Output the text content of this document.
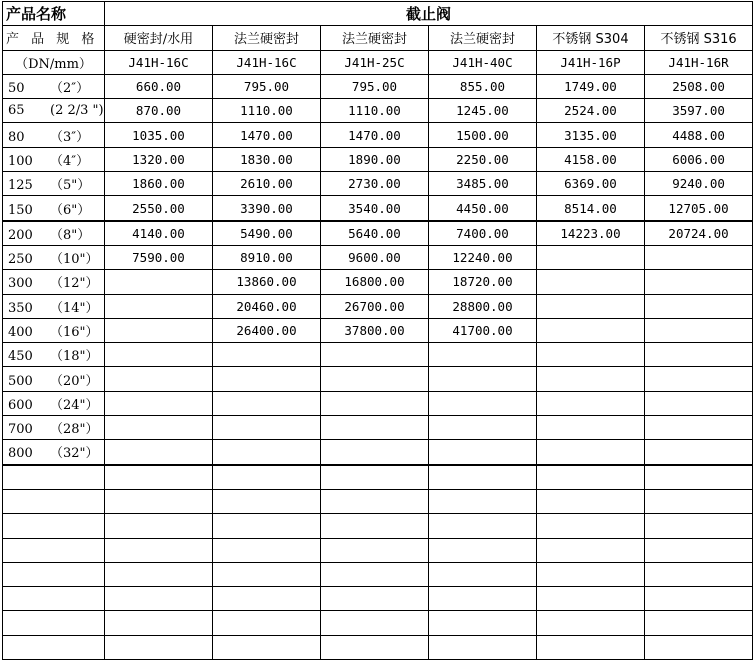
产品名称	截止阀					
产 品 规 格	硬密封/水用	法兰硬密封	法兰硬密封	法兰硬密封	不锈钢 S304	不锈钢 S316
（DN/mm）	J41H-16C	J41H-16C	J41H-25C	J41H-40C	J41H-16P	J41H-16R
50 （2″）	660.00	795.00	795.00	855.00	1749.00	2508.00
65 (2 2/3 ")	870.00	1110.00	1110.00	1245.00	2524.00	3597.00
80 （3″）	1035.00	1470.00	1470.00	1500.00	3135.00	4488.00
100 （4″）	1320.00	1830.00	1890.00	2250.00	4158.00	6006.00
125 （5"）	1860.00	2610.00	2730.00	3485.00	6369.00	9240.00
150 （6"）	2550.00	3390.00	3540.00	4450.00	8514.00	12705.00
200 （8"）	4140.00	5490.00	5640.00	7400.00	14223.00	20724.00
250 （10"）	7590.00	8910.00	9600.00	12240.00		
300 （12"）		13860.00	16800.00	18720.00		
350 （14"）		20460.00	26700.00	28800.00		
400 （16"）		26400.00	37800.00	41700.00		
450 （18"）						
500 （20"）						
600 （24"）						
700 （28"）						
800 （32"）						
